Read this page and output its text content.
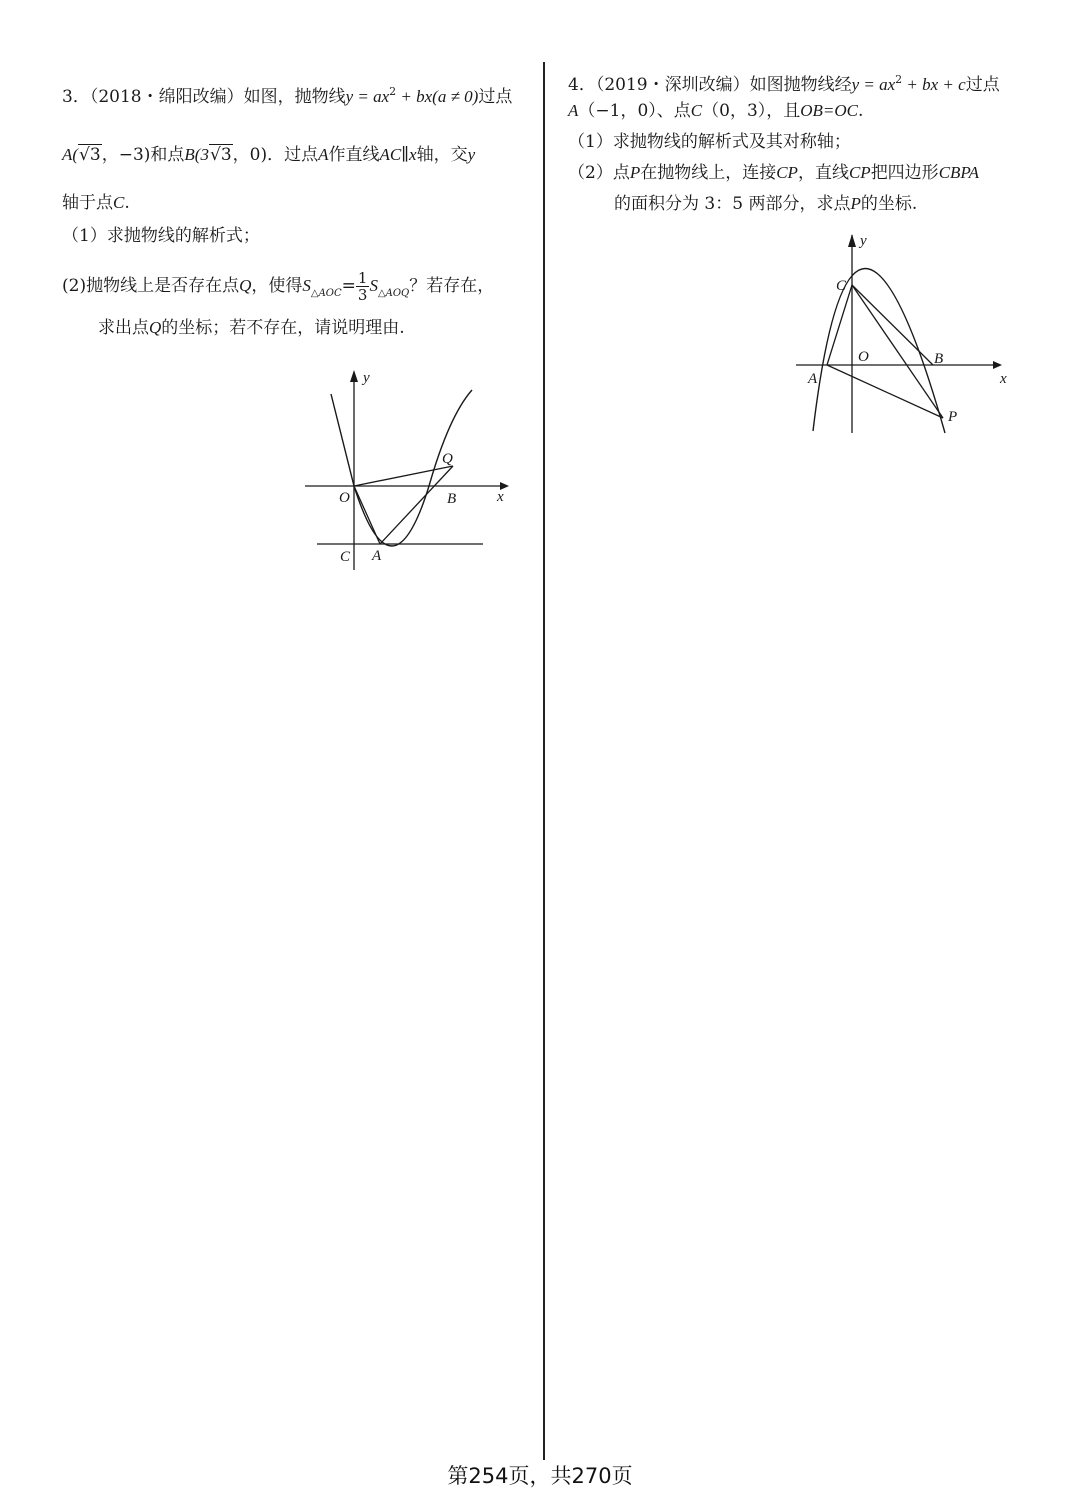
3．（2018・绵阳改编）如图，抛物线$y = ax^2 + bx(a \ne 0)$过点
A(√3，−3)和点B(3√3，0)．过点A作直线AC∥x轴，交y
轴于点C.
（1）求抛物线的解析式；
(2)抛物线上是否存在点Q，使得$S_{\triangle AOC}= \frac{1}{3} S_{\triangle AOQ}$？若存在，
求出点Q的坐标；若不存在，请说明理由.
y
x
O	B
Q
C A
4．（2019・深圳改编）如图抛物线经$y = ax^2$ + bx + c过点
A（−1，0）、点C（0，3），且OB=OC.
（1）求抛物线的解析式及其对称轴；
（2）点P在抛物线上，连接CP，直线CP把四边形CBPA
的面积分为 3：5 两部分，求点P的坐标.
y
x
O
C
B
A
P
第254页，共270页
